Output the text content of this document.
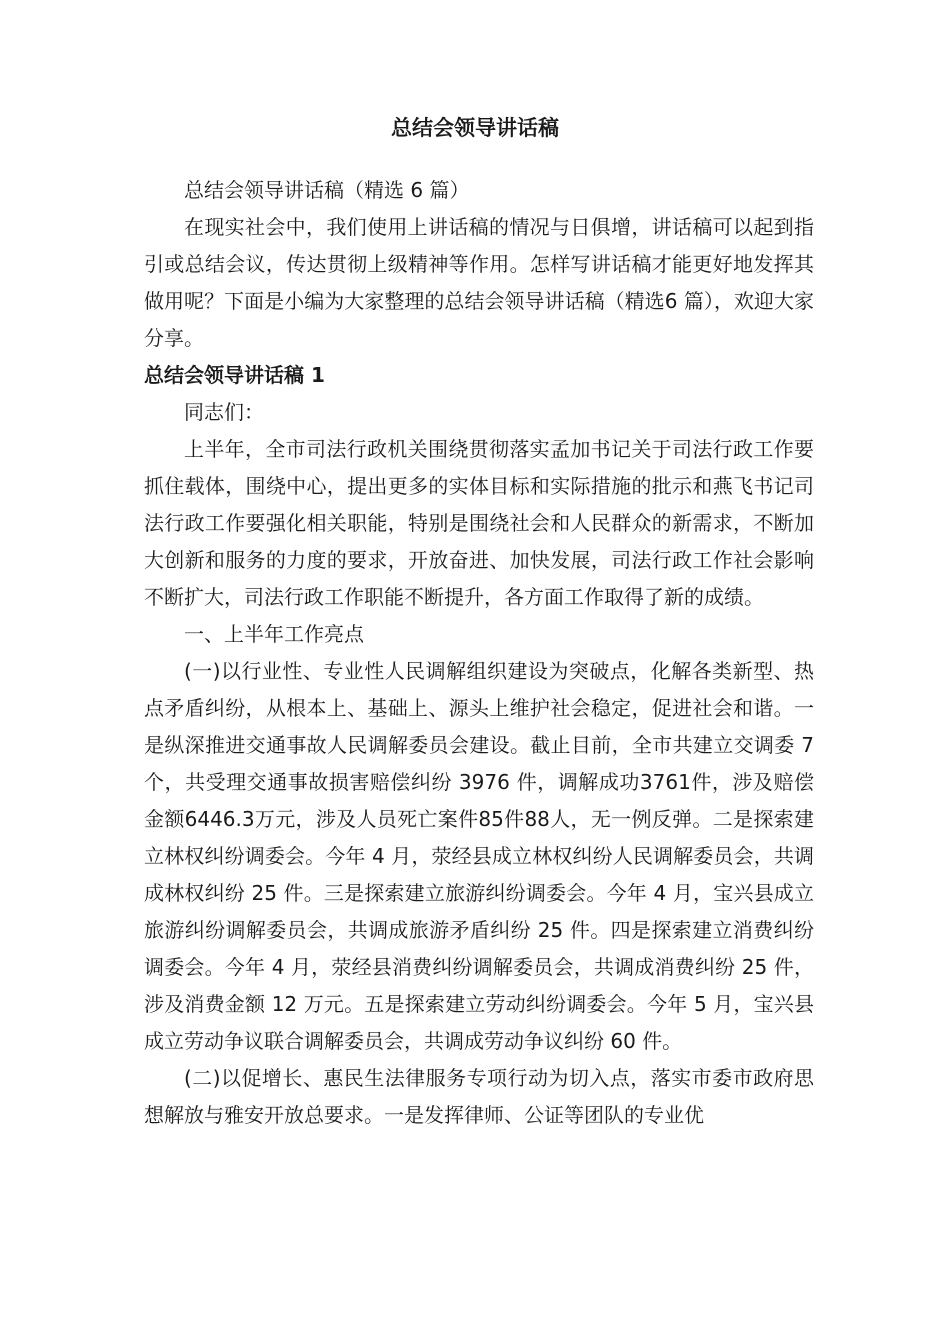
总结会领导讲话稿

总结会领导讲话稿（精选 6 篇）

在现实社会中，我们使用上讲话稿的情况与日俱增，讲话稿可以起到指引或总结会议，传达贯彻上级精神等作用。怎样写讲话稿才能更好地发挥其做用呢？下面是小编为大家整理的总结会领导讲话稿（精选6 篇），欢迎大家分享。

总结会领导讲话稿 1

同志们：

上半年，全市司法行政机关围绕贯彻落实孟加书记关于司法行政工作要抓住载体，围绕中心，提出更多的实体目标和实际措施的批示和燕飞书记司法行政工作要强化相关职能，特别是围绕社会和人民群众的新需求，不断加大创新和服务的力度的要求，开放奋进、加快发展，司法行政工作社会影响不断扩大，司法行政工作职能不断提升，各方面工作取得了新的成绩。

一、上半年工作亮点

(一)以行业性、专业性人民调解组织建设为突破点，化解各类新型、热点矛盾纠纷，从根本上、基础上、源头上维护社会稳定，促进社会和谐。一是纵深推进交通事故人民调解委员会建设。截止目前，全市共建立交调委 7 个，共受理交通事故损害赔偿纠纷 3976 件，调解成功3761件，涉及赔偿金额6446.3万元，涉及人员死亡案件85件88人，无一例反弹。二是探索建立林权纠纷调委会。今年 4 月，荥经县成立林权纠纷人民调解委员会，共调成林权纠纷 25 件。三是探索建立旅游纠纷调委会。今年 4 月，宝兴县成立旅游纠纷调解委员会，共调成旅游矛盾纠纷 25 件。四是探索建立消费纠纷调委会。今年 4 月，荥经县消费纠纷调解委员会，共调成消费纠纷 25 件，涉及消费金额 12 万元。五是探索建立劳动纠纷调委会。今年 5 月，宝兴县成立劳动争议联合调解委员会，共调成劳动争议纠纷 60 件。

(二)以促增长、惠民生法律服务专项行动为切入点，落实市委市政府思想解放与雅安开放总要求。一是发挥律师、公证等团队的专业优
